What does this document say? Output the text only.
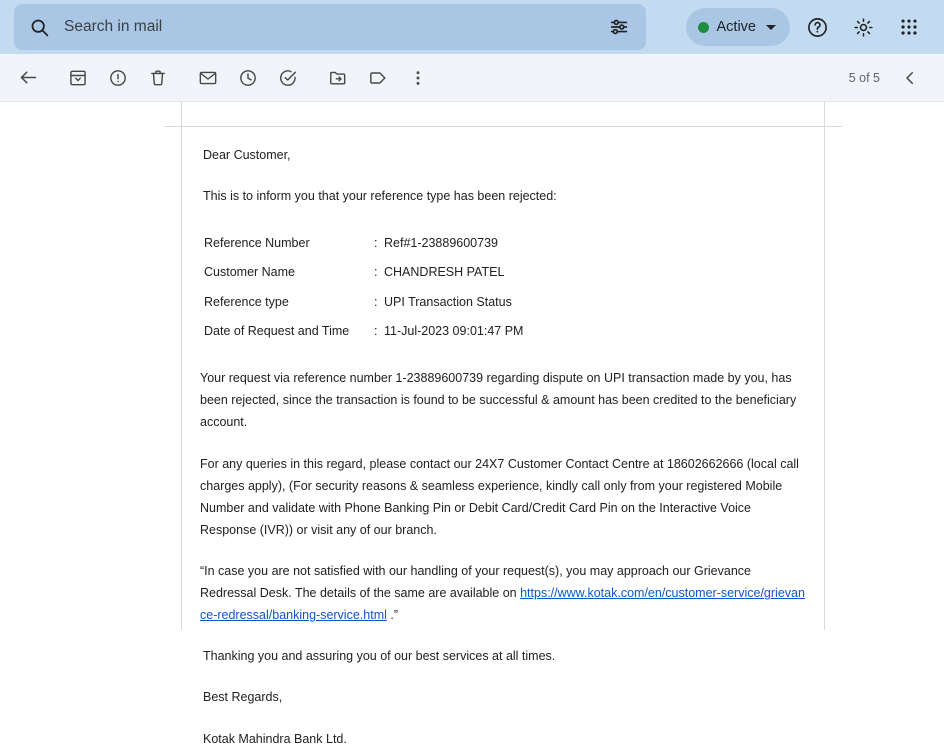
Search in mail
Active
5 of 5

Dear Customer,

This is to inform you that your reference type has been rejected:

Reference Number	:	Ref#1-23889600739
Customer Name	:	CHANDRESH PATEL
Reference type	:	UPI Transaction Status
Date of Request and Time	:	11-Jul-2023 09:01:47 PM

Your request via reference number 1-23889600739 regarding dispute on UPI transaction made by you, has been rejected, since the transaction is found to be successful & amount has been credited to the beneficiary account.

For any queries in this regard, please contact our 24X7 Customer Contact Centre at 18602662666 (local call charges apply), (For security reasons & seamless experience, kindly call only from your registered Mobile Number and validate with Phone Banking Pin or Debit Card/Credit Card Pin on the Interactive Voice Response (IVR)) or visit any of our branch.

“In case you are not satisfied with our handling of your request(s), you may approach our Grievance Redressal Desk. The details of the same are available on https://www.kotak.com/en/customer-service/grievance-redressal/banking-service.html .”

Thanking you and assuring you of our best services at all times.

Best Regards,

Kotak Mahindra Bank Ltd.
